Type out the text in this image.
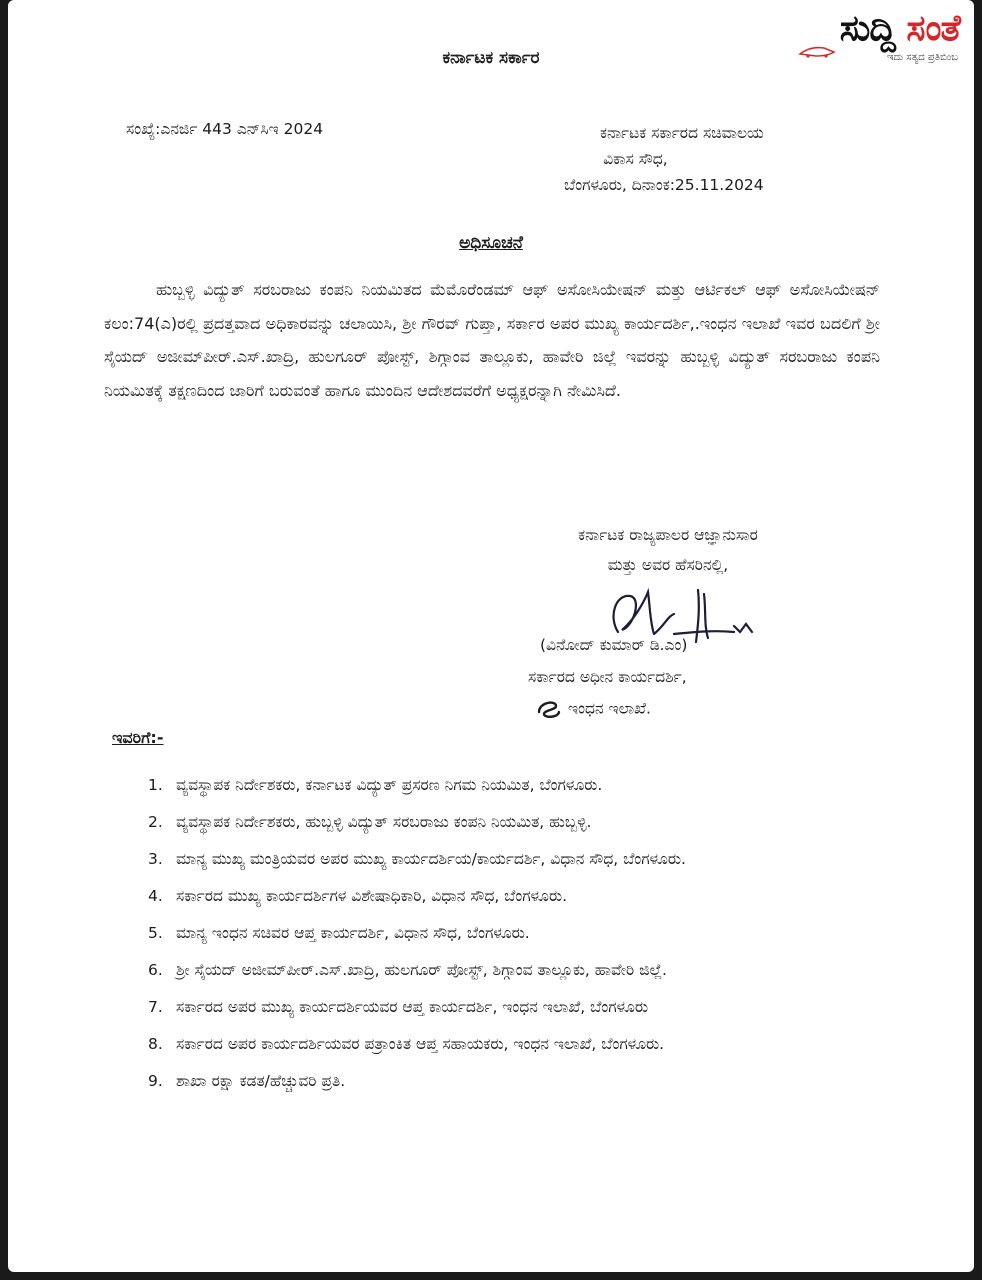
ಸುದ್ದಿ ಸಂತೆ
ಇದು ಸತ್ಯದ ಪ್ರತಿಬಿಂಬ
ಕರ್ನಾಟಕ ಸರ್ಕಾರ
ಸಂಖ್ಯೆ:ಎನರ್ಜಿ 443 ಎನ್‌ಸಿಇ 2024	ಕರ್ನಾಟಕ ಸರ್ಕಾರದ ಸಚಿವಾಲಯ
ವಿಕಾಸ ಸೌಧ,
ಬೆಂಗಳೂರು, ದಿನಾಂಕ:25.11.2024
ಅಧಿಸೂಚನೆ
ಹುಬ್ಬಳ್ಳಿ ವಿದ್ಯುತ್ ಸರಬರಾಜು ಕಂಪನಿ ನಿಯಮಿತದ ಮೆಮೊರೆಂಡಮ್ ಆಫ್ ಅಸೋಸಿಯೇಷನ್ ಮತ್ತು ಆರ್ಟಿಕಲ್ ಆಫ್ ಅಸೋಸಿಯೇಷನ್ ಕಲಂ:74(ಎ)ರಲ್ಲಿ ಪ್ರದತ್ತವಾದ ಅಧಿಕಾರವನ್ನು ಚಲಾಯಿಸಿ, ಶ್ರೀ ಗೌರವ್ ಗುಪ್ತಾ, ಸರ್ಕಾರ ಅಪರ ಮುಖ್ಯ ಕಾರ್ಯದರ್ಶಿ,.ಇಂಧನ ಇಲಾಖೆ ಇವರ ಬದಲಿಗೆ ಶ್ರೀ ಸೈಯದ್ ಅಜೀಮ್‌ಪೀರ್.ಎಸ್.ಖಾದ್ರಿ, ಹುಲಗೂರ್ ಪೋಸ್ಟ್, ಶಿಗ್ಗಾಂವ ತಾಲ್ಲೂಕು, ಹಾವೇರಿ ಜಿಲ್ಲೆ ಇವರನ್ನು ಹುಬ್ಬಳ್ಳಿ ವಿದ್ಯುತ್ ಸರಬರಾಜು ಕಂಪನಿ ನಿಯಮಿತಕ್ಕೆ ತಕ್ಷಣದಿಂದ ಜಾರಿಗೆ ಬರುವಂತೆ ಹಾಗೂ ಮುಂದಿನ ಆದೇಶದವರೆಗೆ ಅಧ್ಯಕ್ಷರನ್ನಾಗಿ ನೇಮಿಸಿದೆ.
ಕರ್ನಾಟಕ ರಾಜ್ಯಪಾಲರ ಆಜ್ಞಾನುಸಾರ
ಮತ್ತು ಅವರ ಹೆಸರಿನಲ್ಲಿ,
(ವಿನೋದ್ ಕುಮಾರ್ ಡಿ.ಎಂ)
ಸರ್ಕಾರದ ಅಧೀನ ಕಾರ್ಯದರ್ಶಿ,
ಇಂಧನ ಇಲಾಖೆ.
ಇವರಿಗೆ:-
1. ವ್ಯವಸ್ಥಾಪಕ ನಿರ್ದೇಶಕರು, ಕರ್ನಾಟಕ ವಿದ್ಯುತ್ ಪ್ರಸರಣ ನಿಗಮ ನಿಯಮಿತ, ಬೆಂಗಳೂರು.
2. ವ್ಯವಸ್ಥಾಪಕ ನಿರ್ದೇಶಕರು, ಹುಬ್ಬಳ್ಳಿ ವಿದ್ಯುತ್ ಸರಬರಾಜು ಕಂಪನಿ ನಿಯಮಿತ, ಹುಬ್ಬಳ್ಳಿ.
3. ಮಾನ್ಯ ಮುಖ್ಯ ಮಂತ್ರಿಯವರ ಅಪರ ಮುಖ್ಯ ಕಾರ್ಯದರ್ಶಿಯ/ಕಾರ್ಯದರ್ಶಿ, ವಿಧಾನ ಸೌಧ, ಬೆಂಗಳೂರು.
4. ಸರ್ಕಾರದ ಮುಖ್ಯ ಕಾರ್ಯದರ್ಶಿಗಳ ವಿಶೇಷಾಧಿಕಾರಿ, ವಿಧಾನ ಸೌಧ, ಬೆಂಗಳೂರು.
5. ಮಾನ್ಯ ಇಂಧನ ಸಚಿವರ ಆಪ್ತ ಕಾರ್ಯದರ್ಶಿ, ವಿಧಾನ ಸೌಧ, ಬೆಂಗಳೂರು.
6. ಶ್ರೀ ಸೈಯದ್ ಅಜೀಮ್‌ಪೀರ್.ಎಸ್.ಖಾದ್ರಿ, ಹುಲಗೂರ್ ಪೋಸ್ಟ್, ಶಿಗ್ಗಾಂವ ತಾಲ್ಲೂಕು, ಹಾವೇರಿ ಜಿಲ್ಲೆ.
7. ಸರ್ಕಾರದ ಅಪರ ಮುಖ್ಯ ಕಾರ್ಯದರ್ಶಿಯವರ ಆಪ್ತ ಕಾರ್ಯದರ್ಶಿ, ಇಂಧನ ಇಲಾಖೆ, ಬೆಂಗಳೂರು
8. ಸರ್ಕಾರದ ಅಪರ ಕಾರ್ಯದರ್ಶಿಯವರ ಪತ್ರಾಂಕಿತ ಆಪ್ತ ಸಹಾಯಕರು, ಇಂಧನ ಇಲಾಖೆ, ಬೆಂಗಳೂರು.
9. ಶಾಖಾ ರಕ್ಷಾ ಕಡತ/ಹೆಚ್ಚುವರಿ ಪ್ರತಿ.
